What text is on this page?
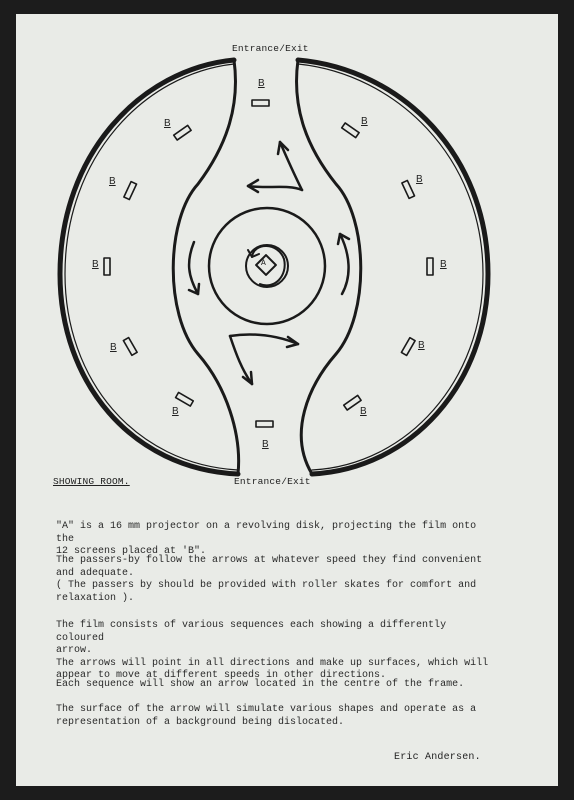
Entrance/Exit
Entrance/Exit
A
SHOWING ROOM.
B
B	B
B	B
B	B
B	B
B	B
B

"A" is a 16 mm projector on a revolving disk, projecting the film onto the
12 screens placed at 'B".

The passers-by follow the arrows at whatever speed they find convenient
and adequate.
( The passers by should be provided with roller skates for comfort and
relaxation ).

The film consists of various sequences each showing a differently coloured
arrow.
The arrows will point in all directions and make up surfaces, which will
appear to move at different speeds in other directions.

Each sequence will show an arrow located in the centre of the frame.

The surface of the arrow will simulate various shapes and operate as a
representation of a background being dislocated.

Eric Andersen.
